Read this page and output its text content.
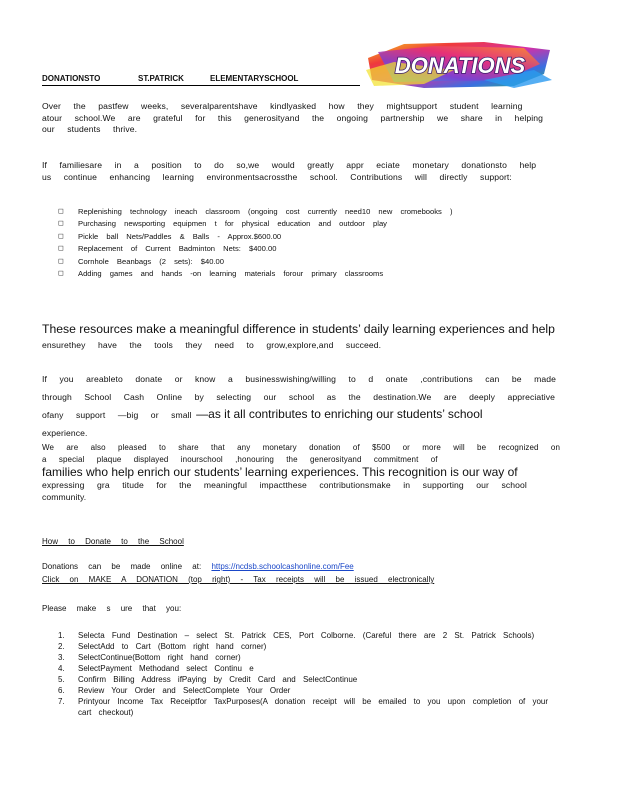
DONATIONS
DONATIONSTO	ST.PATRICK	ELEMENTARYSCHOOL

Over the pastfew weeks, severalparentshave kindlyasked how they mightsupport student learning atour school.We are grateful for this generosityand the ongoing partnership we share in helping our students thrive.

If familiesare in a position to do so,we would greatly appr eciate monetary donationsto help us continue enhancing learning environmentsacrossthe school. Contributions will directly support:

◻	Replenishing technology ineach classroom (ongoing cost currently need10 new cromebooks )
◻	Purchasing newsporting equipmen t for physical education and outdoor play
◻	Pickle ball Nets/Paddles & Balls - Approx.$600.00
◻	Replacement of Current Badminton Nets: $400.00
◻	Cornhole Beanbags (2 sets): $40.00
◻	Adding games and hands -on learning materials forour primary classrooms

These resources make a meaningful difference in students’ daily learning experiences and help

ensurethey have the tools they need to grow,explore,and succeed.

If you areableto donate or know a businesswishing/willing to d onate ,contributions can be made through School Cash Online by selecting our school as the destination.We are deeply appreciative ofany support —big or small —as it all contributes to enriching our students’ school
experience.
We are also pleased to share that any monetary donation of $500 or more will be recognized on a special plaque displayed inourschool ,honouring the generosityand commitment of
families who help enrich our students’ learning experiences. This recognition is our way of
expressing gra titude for the meaningful impactthese contributionsmake in supporting our school community.
How to Donate to the School
Donations can be made online at: https://ncdsb.schoolcashonline.com/Fee
Click on MAKE A DONATION (top right) - Tax receipts will be issued electronically
Please make s ure that you:
1.	Selecta Fund Destination – select St. Patrick CES, Port Colborne. (Careful there are 2 St. Patrick Schools)
2.	SelectAdd to Cart (Bottom right hand corner)
3.	SelectContinue(Bottom right hand corner)
4.	SelectPayment Methodand select Continu e
5.	Confirm Billing Address ifPaying by Credit Card and SelectContinue
6.	Review Your Order and SelectComplete Your Order
7.	Printyour Income Tax Receiptfor TaxPurposes(A donation receipt will be emailed to you upon completion of your cart checkout)
